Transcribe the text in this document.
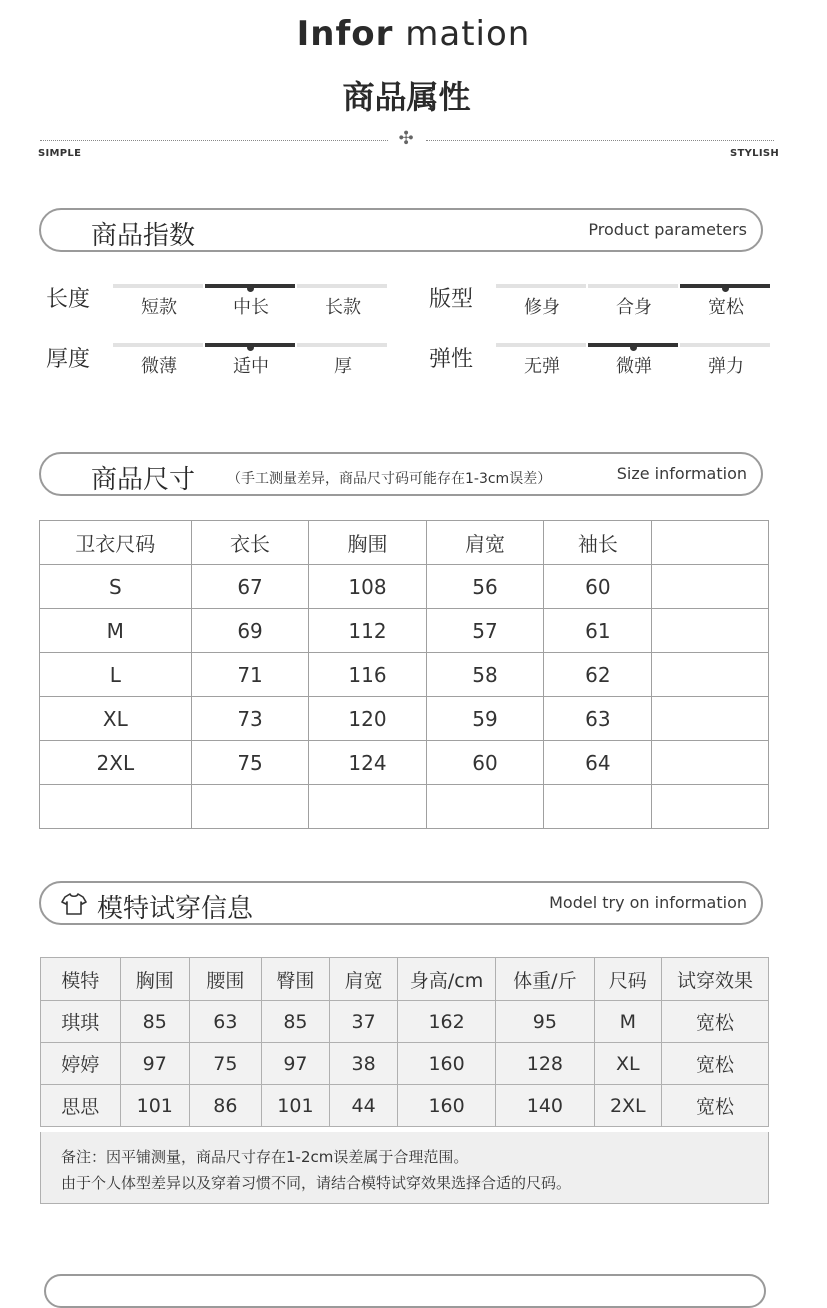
Infor mation
商品属性
✣
SIMPLE	STYLISH
商品指数	Product parameters
长度	短款	中长	长款	版型	修身	合身	宽松
厚度	微薄	适中	厚	弹性	无弹	微弹	弹力
商品尺寸 （手工测量差异，商品尺寸码可能存在1-3cm误差）	Size information
卫衣尺码	衣长	胸围	肩宽	袖长	
S	67	108	56	60	
M	69	112	57	61	
L	71	116	58	62	
XL	73	120	59	63	
2XL	75	124	60	64	

模特试穿信息	Model try on information
模特	胸围	腰围	臀围	肩宽	身高/cm	体重/斤	尺码	试穿效果
琪琪	85	63	85	37	162	95	M	宽松
婷婷	97	75	97	38	160	128	XL	宽松
思思	101	86	101	44	160	140	2XL	宽松
备注：因平铺测量，商品尺寸存在1-2cm误差属于合理范围。
由于个人体型差异以及穿着习惯不同，请结合模特试穿效果选择合适的尺码。
